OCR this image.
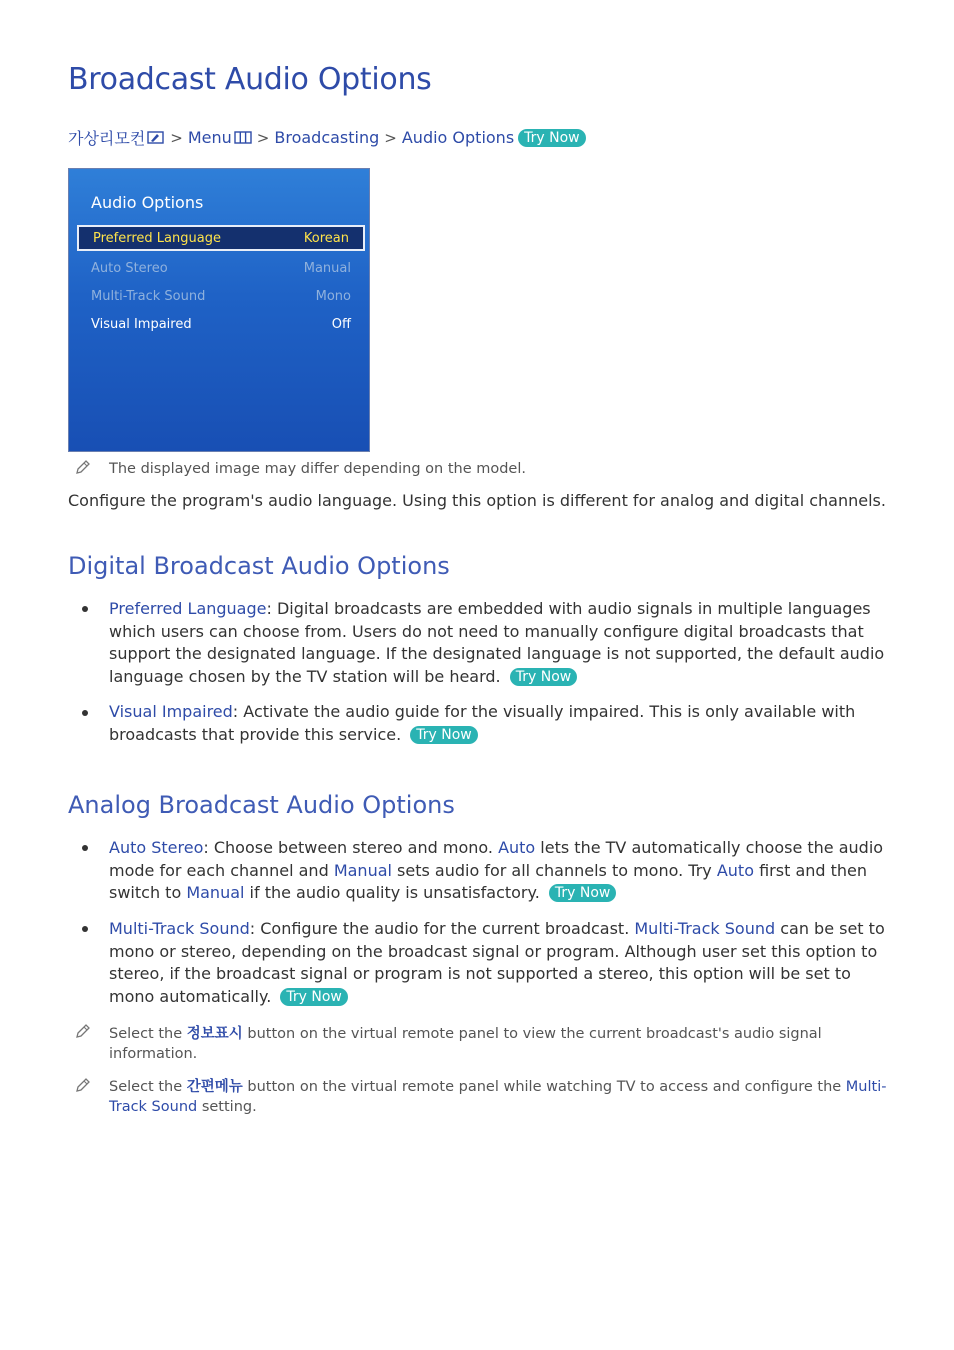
Broadcast Audio Options
가상리모컨 > Menu > Broadcasting > Audio Options Try Now
Audio Options
Preferred Language	Korean
Auto Stereo	Manual
Multi-Track Sound	Mono
Visual Impaired	Off
The displayed image may differ depending on the model.
Configure the program's audio language. Using this option is different for analog and digital channels.
Digital Broadcast Audio Options
Preferred Language: Digital broadcasts are embedded with audio signals in multiple languages which users can choose from. Users do not need to manually configure digital broadcasts that support the designated language. If the designated language is not supported, the default audio language chosen by the TV station will be heard. Try Now
Visual Impaired: Activate the audio guide for the visually impaired. This is only available with broadcasts that provide this service. Try Now
Analog Broadcast Audio Options
Auto Stereo: Choose between stereo and mono. Auto lets the TV automatically choose the audio mode for each channel and Manual sets audio for all channels to mono. Try Auto first and then switch to Manual if the audio quality is unsatisfactory. Try Now
Multi-Track Sound: Configure the audio for the current broadcast. Multi-Track Sound can be set to mono or stereo, depending on the broadcast signal or program. Although user set this option to stereo, if the broadcast signal or program is not supported a stereo, this option will be set to mono automatically. Try Now
Select the 정보표시 button on the virtual remote panel to view the current broadcast's audio signal information.
Select the 간편메뉴 button on the virtual remote panel while watching TV to access and configure the Multi-Track Sound setting.
